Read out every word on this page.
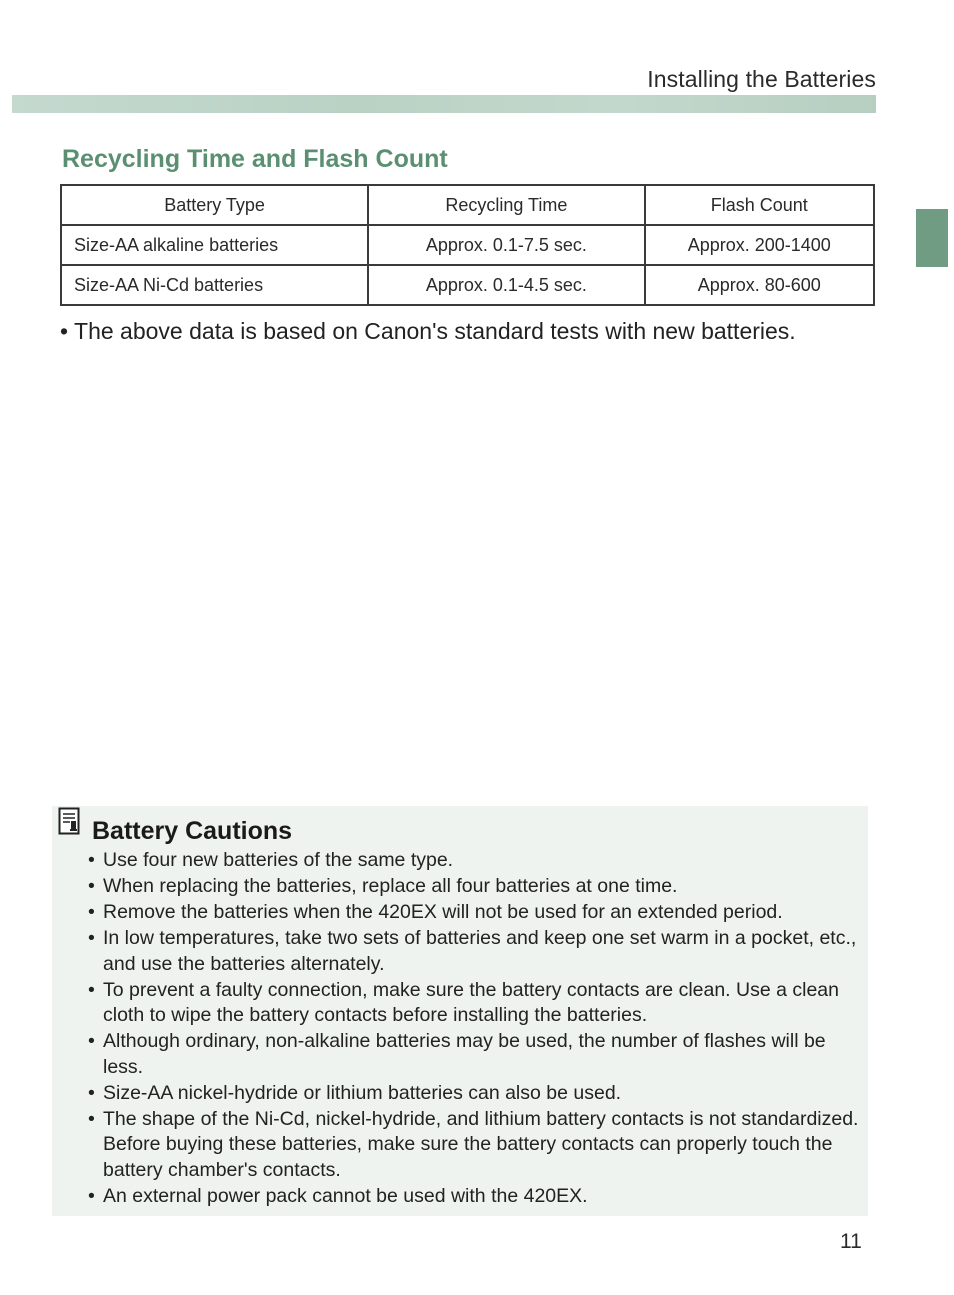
Installing the Batteries
Recycling Time and Flash Count
Battery Type	Recycling Time	Flash Count
Size-AA alkaline batteries	Approx. 0.1-7.5 sec.	Approx. 200-1400
Size-AA Ni-Cd batteries	Approx. 0.1-4.5 sec.	Approx. 80-600
• The above data is based on Canon's standard tests with new batteries.
Battery Cautions
• Use four new batteries of the same type.
• When replacing the batteries, replace all four batteries at one time.
• Remove the batteries when the 420EX will not be used for an extended period.
• In low temperatures, take two sets of batteries and keep one set warm in a pocket, etc., and use the batteries alternately.
• To prevent a faulty connection, make sure the battery contacts are clean. Use a clean cloth to wipe the battery contacts before installing the batteries.
• Although ordinary, non-alkaline batteries may be used, the number of flashes will be less.
• Size-AA nickel-hydride or lithium batteries can also be used.
• The shape of the Ni-Cd, nickel-hydride, and lithium battery contacts is not standardized. Before buying these batteries, make sure the battery contacts can properly touch the battery chamber's contacts.
• An external power pack cannot be used with the 420EX.
11
